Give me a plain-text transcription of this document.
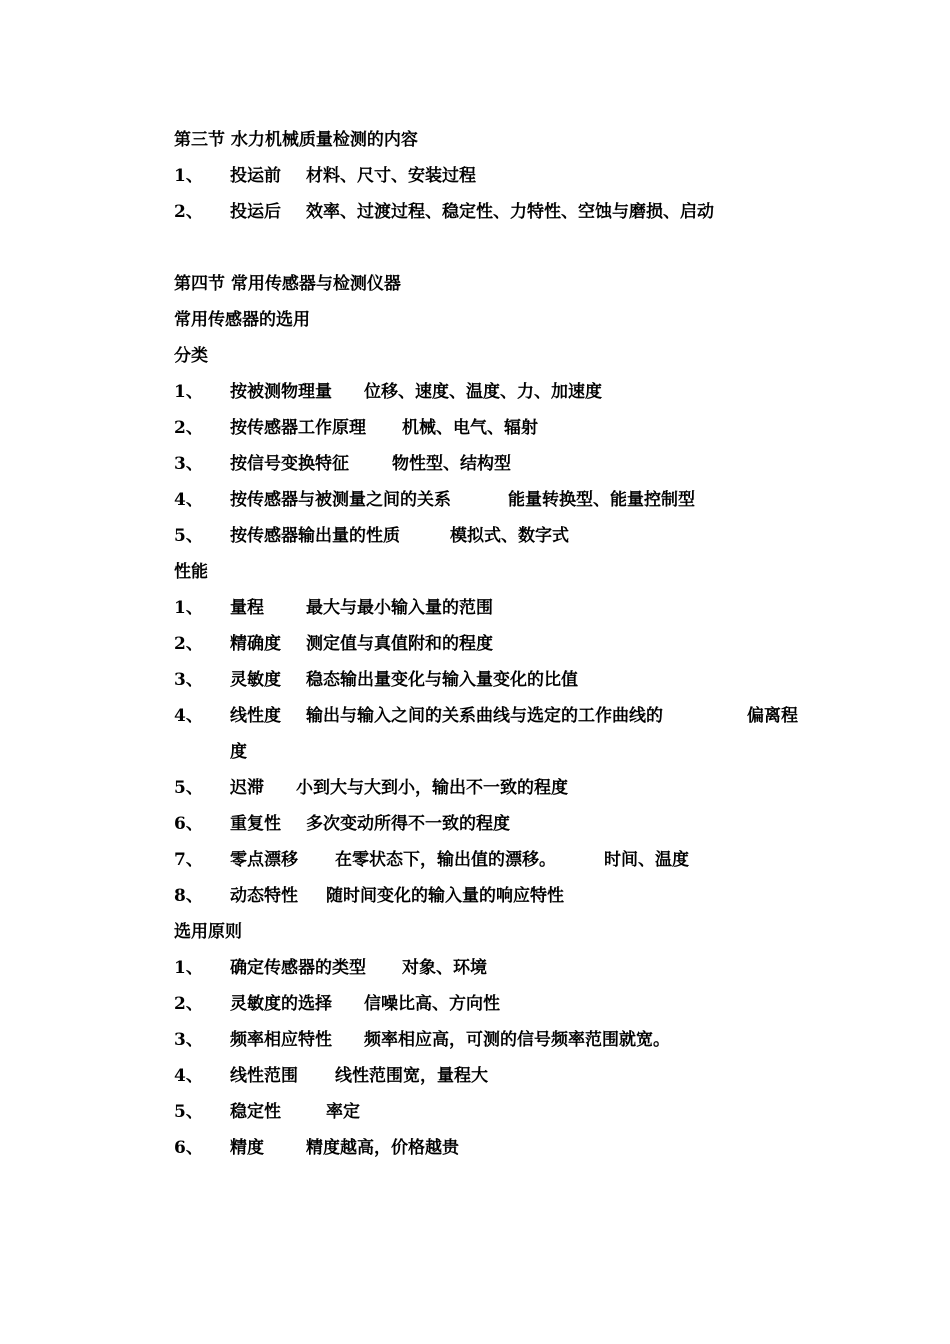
第三节 水力机械质量检测的内容
1、	投运前 材料、尺寸、安装过程
2、	投运后 效率、过渡过程、稳定性、力特性、空蚀与磨损、启动
第四节 常用传感器与检测仪器
常用传感器的选用
分类
1、	按被测物理量 位移、速度、温度、力、加速度
2、	按传感器工作原理 机械、电气、辐射
3、	按信号变换特征	物性型、结构型
4、	按传感器与被测量之间的关系	能量转换型、能量控制型
5、	按传感器输出量的性质	模拟式、数字式
性能
1、	量程 最大与最小输入量的范围
2、	精确度 测定值与真值附和的程度
3、	灵敏度 稳态输出量变化与输入量变化的比值
4、	线性度 输出与输入之间的关系曲线与选定的工作曲线的	偏离程
度
5、	迟滞 小到大与大到小，输出不一致的程度
6、	重复性 多次变动所得不一致的程度
7、	零点漂移 在零状态下，输出值的漂移。	时间、温度
8、	动态特性 随时间变化的输入量的响应特性
选用原则
1、	确定传感器的类型 对象、环境
2、	灵敏度的选择 信噪比高、方向性
3、	频率相应特性 频率相应高，可测的信号频率范围就宽。
4、	线性范围 线性范围宽，量程大
5、	稳定性	率定
6、	精度 精度越高，价格越贵
